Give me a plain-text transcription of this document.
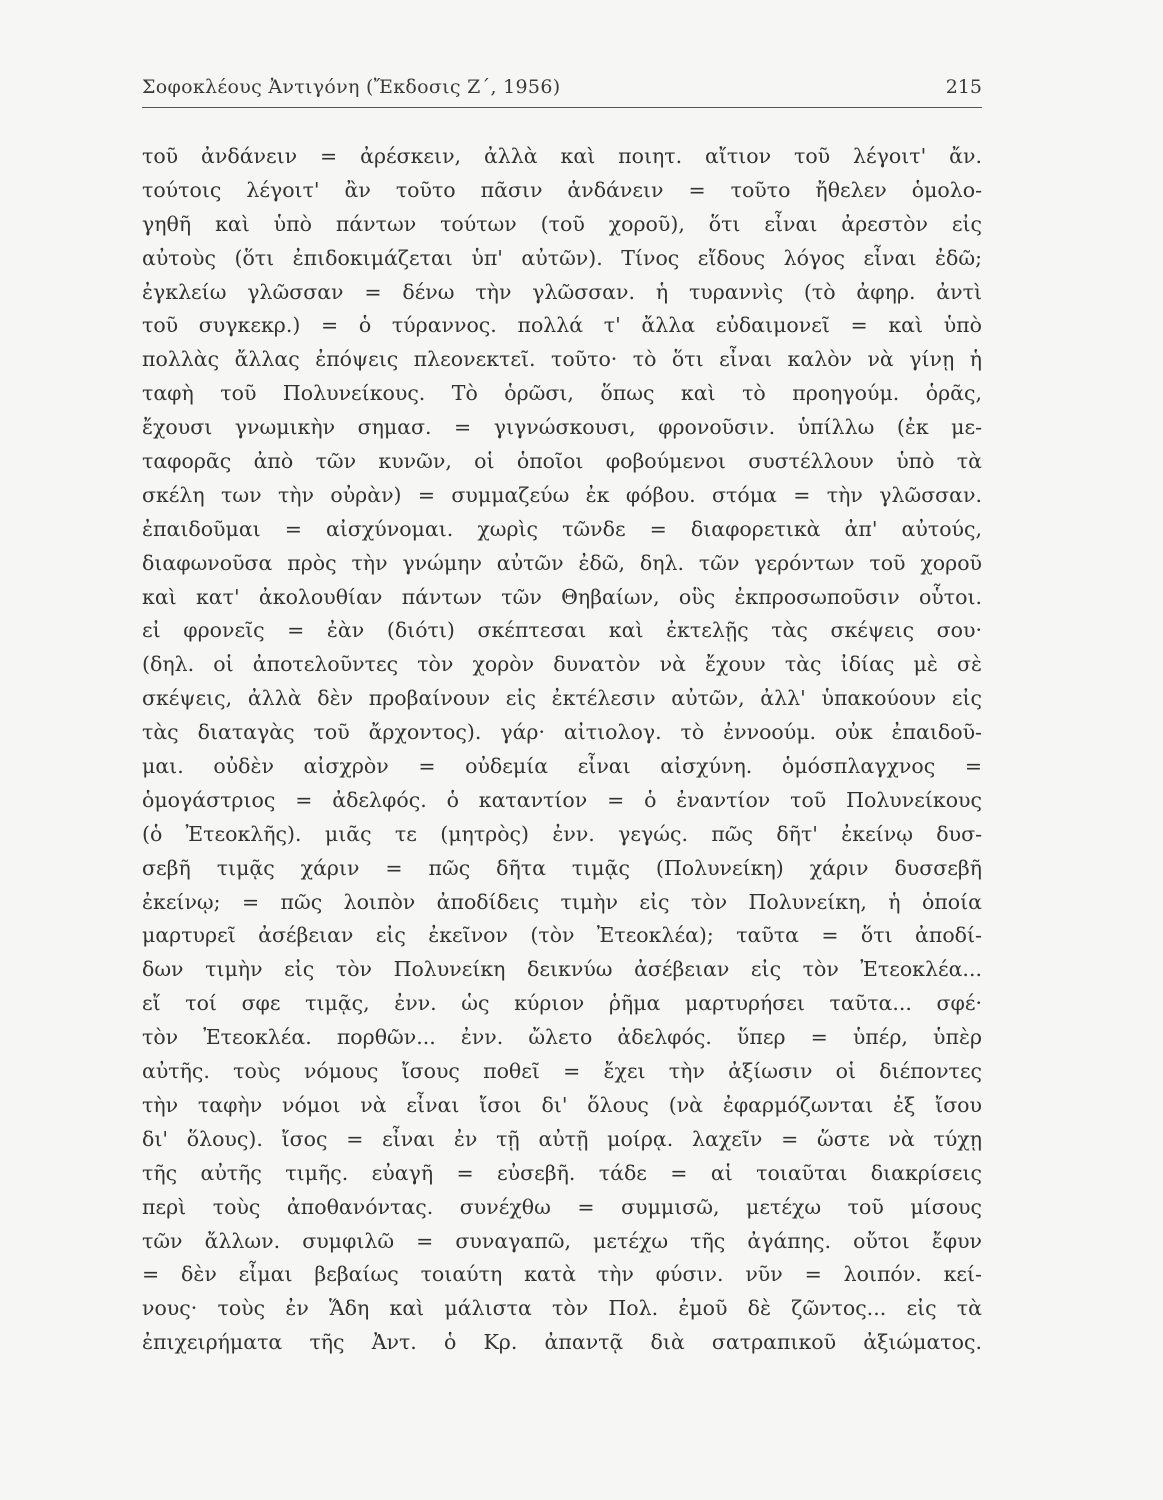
Σοφοκλέους Ἀντιγόνη (Ἔκδοσις Ζ΄, 1956)	215
τοῦ ἀνδάνειν = ἀρέσκειν, ἀλλὰ καὶ ποιητ. αἴτιον τοῦ λέγοιτ' ἄν.
τούτοις λέγοιτ' ἂν τοῦτο πᾶσιν ἁνδάνειν = τοῦτο ἤθελεν ὁμολο-
γηθῆ καὶ ὑπὸ πάντων τούτων (τοῦ χοροῦ), ὅτι εἶναι ἀρεστὸν εἰς
αὐτοὺς (ὅτι ἐπιδοκιμάζεται ὑπ' αὐτῶν). Τίνος εἴδους λόγος εἶναι ἐδῶ;
ἐγκλείω γλῶσσαν = δένω τὴν γλῶσσαν. ἡ τυραννὶς (τὸ ἀφηρ. ἀντὶ
τοῦ συγκεκρ.) = ὁ τύραννος. πολλά τ' ἄλλα εὐδαιμονεῖ = καὶ ὑπὸ
πολλὰς ἄλλας ἐπόψεις πλεονεκτεῖ. τοῦτο· τὸ ὅτι εἶναι καλὸν νὰ γίνῃ ἡ
ταφὴ τοῦ Πολυνείκους. Τὸ ὁρῶσι, ὅπως καὶ τὸ προηγούμ. ὁρᾶς,
ἔχουσι γνωμικὴν σημασ. = γιγνώσκουσι, φρονοῦσιν. ὑπίλλω (ἐκ με-
ταφορᾶς ἀπὸ τῶν κυνῶν, οἱ ὁποῖοι φοβούμενοι συστέλλουν ὑπὸ τὰ
σκέλη των τὴν οὐρὰν) = συμμαζεύω ἐκ φόβου. στόμα = τὴν γλῶσσαν.
ἐπαιδοῦμαι = αἰσχύνομαι. χωρὶς τῶνδε = διαφορετικὰ ἀπ' αὐτούς,
διαφωνοῦσα πρὸς τὴν γνώμην αὐτῶν ἐδῶ, δηλ. τῶν γερόντων τοῦ χοροῦ
καὶ κατ' ἀκολουθίαν πάντων τῶν Θηβαίων, οὓς ἐκπροσωποῦσιν οὗτοι.
εἰ φρονεῖς = ἐὰν (διότι) σκέπτεσαι καὶ ἐκτελῇς τὰς σκέψεις σου·
(δηλ. οἱ ἀποτελοῦντες τὸν χορὸν δυνατὸν νὰ ἔχουν τὰς ἰδίας μὲ σὲ
σκέψεις, ἀλλὰ δὲν προβαίνουν εἰς ἐκτέλεσιν αὐτῶν, ἀλλ' ὑπακούουν εἰς
τὰς διαταγὰς τοῦ ἄρχοντος). γάρ· αἰτιολογ. τὸ ἐννοούμ. οὐκ ἐπαιδοῦ-
μαι. οὐδὲν αἰσχρὸν = οὐδεμία εἶναι αἰσχύνη. ὁμόσπλαγχνος =
ὁμογάστριος = ἀδελφός. ὁ καταντίον = ὁ ἐναντίον τοῦ Πολυνείκους
(ὁ Ἐτεοκλῆς). μιᾶς τε (μητρὸς) ἐνν. γεγώς. πῶς δῆτ' ἐκείνῳ δυσ-
σεβῆ τιμᾷς χάριν = πῶς δῆτα τιμᾷς (Πολυνείκη) χάριν δυσσεβῆ
ἐκείνῳ; = πῶς λοιπὸν ἀποδίδεις τιμὴν εἰς τὸν Πολυνείκη, ἡ ὁποία
μαρτυρεῖ ἀσέβειαν εἰς ἐκεῖνον (τὸν Ἐτεοκλέα); ταῦτα = ὅτι ἀποδί-
δων τιμὴν εἰς τὸν Πολυνείκη δεικνύω ἀσέβειαν εἰς τὸν Ἐτεοκλέα...
εἴ τοί σφε τιμᾷς, ἐνν. ὡς κύριον ῥῆμα μαρτυρήσει ταῦτα... σφέ·
τὸν Ἐτεοκλέα. πορθῶν... ἐνν. ὤλετο ἀδελφός. ὕπερ = ὑπέρ, ὑπὲρ
αὐτῆς. τοὺς νόμους ἴσους ποθεῖ = ἔχει τὴν ἀξίωσιν οἱ διέποντες
τὴν ταφὴν νόμοι νὰ εἶναι ἴσοι δι' ὅλους (νὰ ἐφαρμόζωνται ἐξ ἴσου
δι' ὅλους). ἴσος = εἶναι ἐν τῇ αὐτῇ μοίρᾳ. λαχεῖν = ὥστε νὰ τύχῃ
τῆς αὐτῆς τιμῆς. εὐαγῆ = εὐσεβῆ. τάδε = αἱ τοιαῦται διακρίσεις
περὶ τοὺς ἀποθανόντας. συνέχθω = συμμισῶ, μετέχω τοῦ μίσους
τῶν ἄλλων. συμφιλῶ = συναγαπῶ, μετέχω τῆς ἀγάπης. οὔτοι ἔφυν
= δὲν εἶμαι βεβαίως τοιαύτη κατὰ τὴν φύσιν. νῦν = λοιπόν. κεί-
νους· τοὺς ἐν Ἅδη καὶ μάλιστα τὸν Πολ. ἐμοῦ δὲ ζῶντος... εἰς τὰ
ἐπιχειρήματα τῆς Ἀντ. ὁ Κρ. ἀπαντᾷ διὰ σατραπικοῦ ἀξιώματος.
